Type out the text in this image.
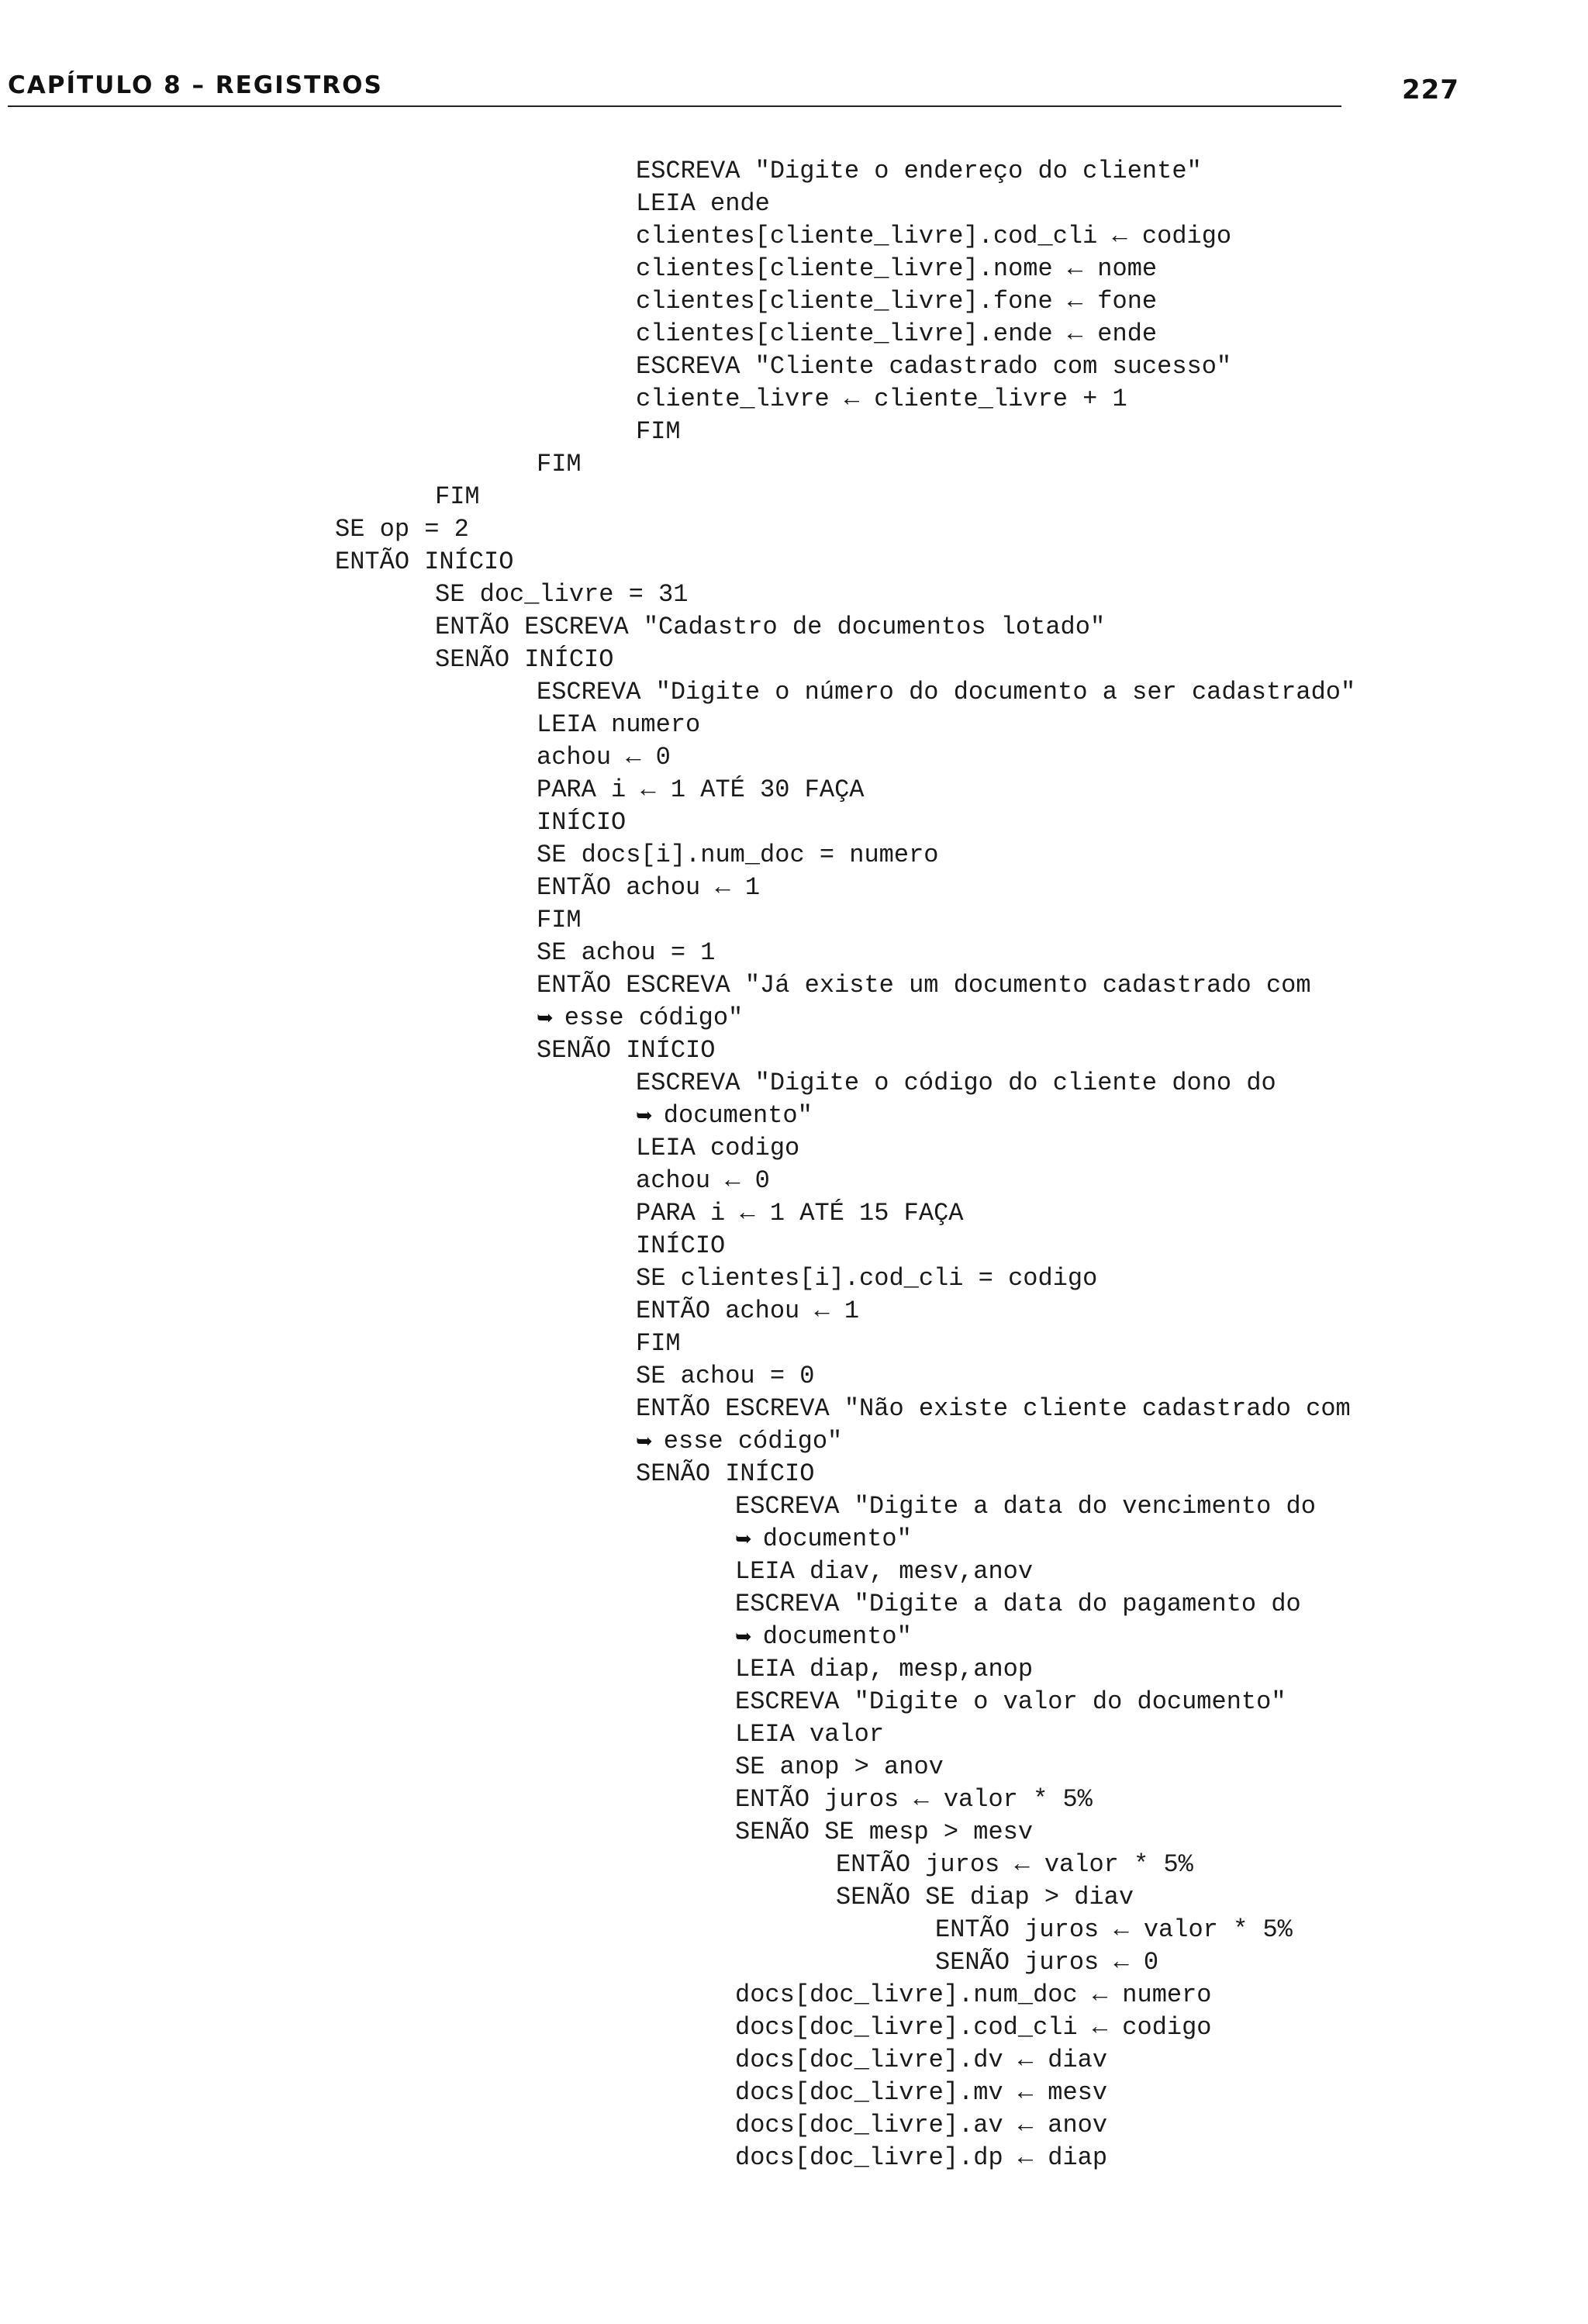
CAPÍTULO 8 – REGISTROS	227
ESCREVA "Digite o endereço do cliente"
LEIA ende
clientes[cliente_livre].cod_cli ← codigo
clientes[cliente_livre].nome ← nome
clientes[cliente_livre].fone ← fone
clientes[cliente_livre].ende ← ende
ESCREVA "Cliente cadastrado com sucesso"
cliente_livre ← cliente_livre + 1
FIM
FIM
FIM
SE op = 2
ENTÃO INÍCIO
SE doc_livre = 31
ENTÃO ESCREVA "Cadastro de documentos lotado"
SENÃO INÍCIO
ESCREVA "Digite o número do documento a ser cadastrado"
LEIA numero
achou ← 0
PARA i ← 1 ATÉ 30 FAÇA
INÍCIO
SE docs[i].num_doc = numero
ENTÃO achou ← 1
FIM
SE achou = 1
ENTÃO ESCREVA "Já existe um documento cadastrado com
➥ esse código"
SENÃO INÍCIO
ESCREVA "Digite o código do cliente dono do
➥ documento"
LEIA codigo
achou ← 0
PARA i ← 1 ATÉ 15 FAÇA
INÍCIO
SE clientes[i].cod_cli = codigo
ENTÃO achou ← 1
FIM
SE achou = 0
ENTÃO ESCREVA "Não existe cliente cadastrado com
➥ esse código"
SENÃO INÍCIO
ESCREVA "Digite a data do vencimento do
➥ documento"
LEIA diav, mesv,anov
ESCREVA "Digite a data do pagamento do
➥ documento"
LEIA diap, mesp,anop
ESCREVA "Digite o valor do documento"
LEIA valor
SE anop > anov
ENTÃO juros ← valor * 5%
SENÃO SE mesp > mesv
ENTÃO juros ← valor * 5%
SENÃO SE diap > diav
ENTÃO juros ← valor * 5%
SENÃO juros ← 0
docs[doc_livre].num_doc ← numero
docs[doc_livre].cod_cli ← codigo
docs[doc_livre].dv ← diav
docs[doc_livre].mv ← mesv
docs[doc_livre].av ← anov
docs[doc_livre].dp ← diap
